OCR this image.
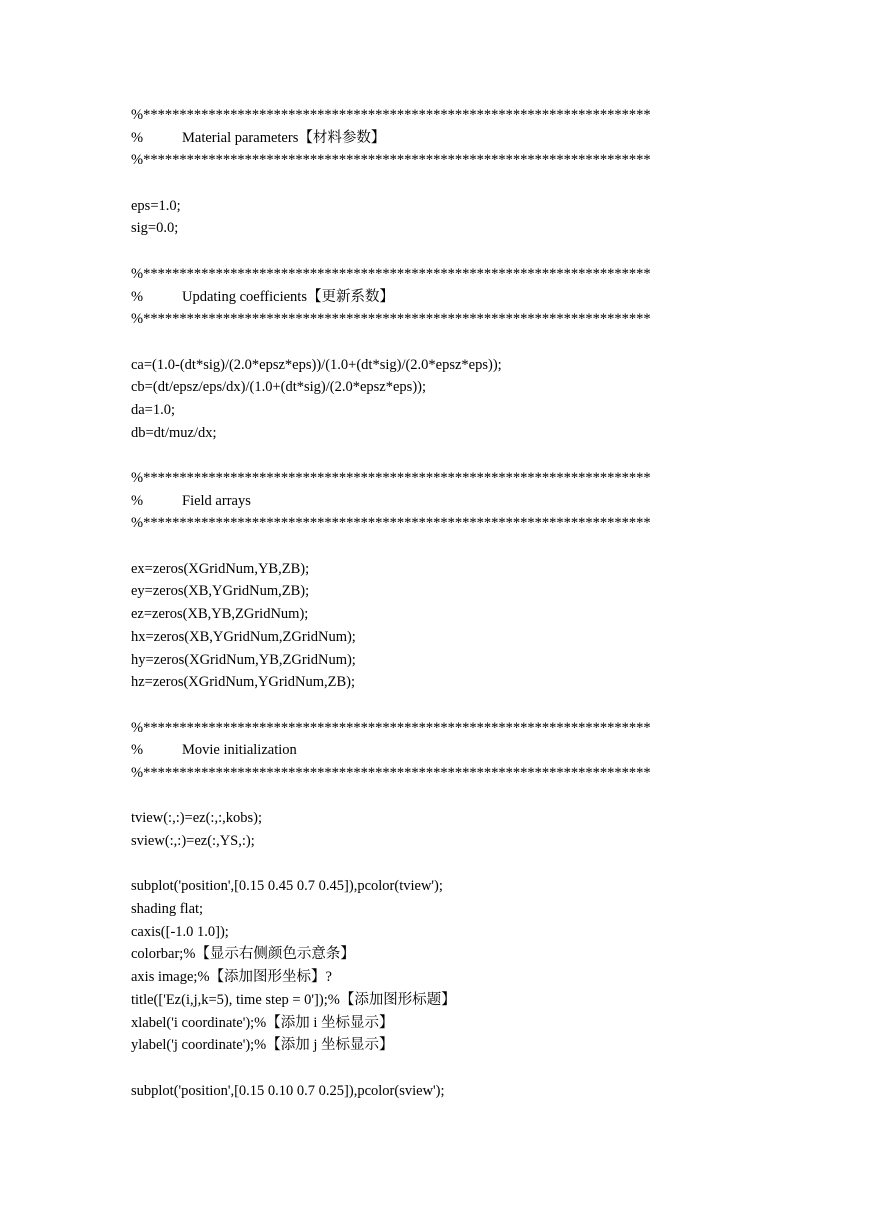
%**********************************************************************
%	Material parameters【材料参数】
%**********************************************************************
eps=1.0;
sig=0.0;
%**********************************************************************
%	Updating coefficients【更新系数】
%**********************************************************************
ca=(1.0-(dt*sig)/(2.0*epsz*eps))/(1.0+(dt*sig)/(2.0*epsz*eps));
cb=(dt/epsz/eps/dx)/(1.0+(dt*sig)/(2.0*epsz*eps));
da=1.0;
db=dt/muz/dx;
%**********************************************************************
%	Field arrays
%**********************************************************************
ex=zeros(XGridNum,YB,ZB);
ey=zeros(XB,YGridNum,ZB);
ez=zeros(XB,YB,ZGridNum);
hx=zeros(XB,YGridNum,ZGridNum);
hy=zeros(XGridNum,YB,ZGridNum);
hz=zeros(XGridNum,YGridNum,ZB);
%**********************************************************************
%	Movie initialization
%**********************************************************************
tview(:,:)=ez(:,:,kobs);
sview(:,:)=ez(:,YS,:);
subplot('position',[0.15 0.45 0.7 0.45]),pcolor(tview');
shading flat;
caxis([-1.0 1.0]);
colorbar;%【显示右侧颜色示意条】
axis image;%【添加图形坐标】?
title(['Ez(i,j,k=5), time step = 0']);%【添加图形标题】
xlabel('i coordinate');%【添加 i 坐标显示】
ylabel('j coordinate');%【添加 j 坐标显示】
subplot('position',[0.15 0.10 0.7 0.25]),pcolor(sview');
